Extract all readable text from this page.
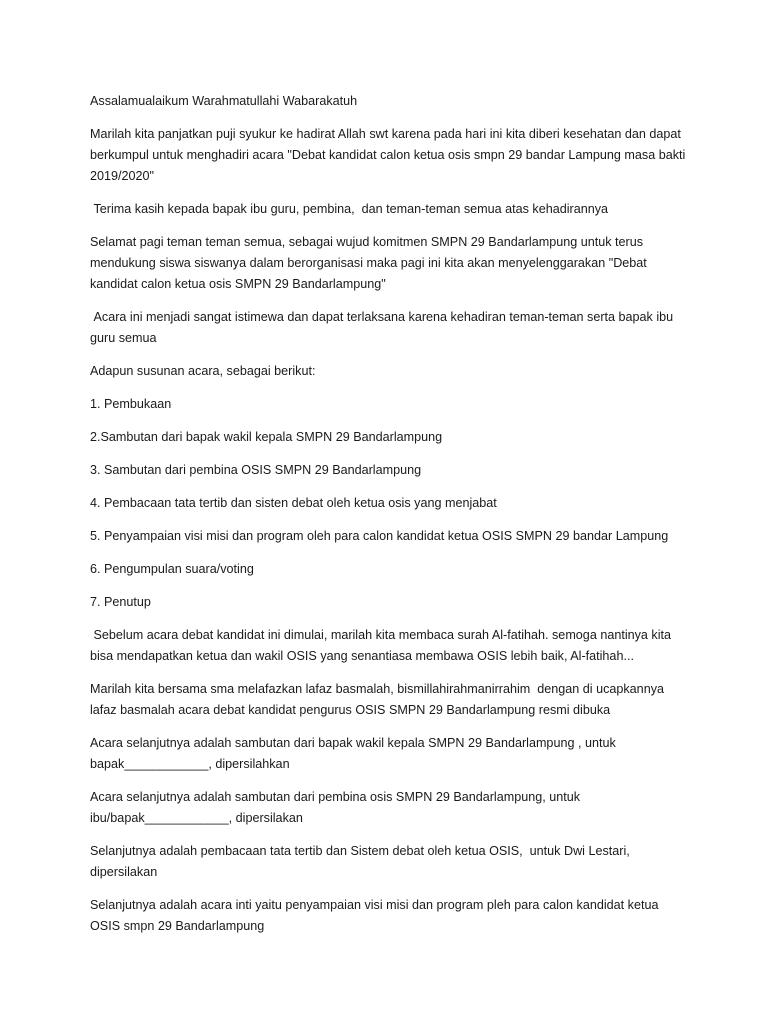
Assalamualaikum Warahmatullahi Wabarakatuh

Marilah kita panjatkan puji syukur ke hadirat Allah swt karena pada hari ini kita diberi kesehatan dan dapat berkumpul untuk menghadiri acara "Debat kandidat calon ketua osis smpn 29 bandar Lampung masa bakti 2019/2020"

Terima kasih kepada bapak ibu guru, pembina,  dan teman-teman semua atas kehadirannya

Selamat pagi teman teman semua, sebagai wujud komitmen SMPN 29 Bandarlampung untuk terus mendukung siswa siswanya dalam berorganisasi maka pagi ini kita akan menyelenggarakan "Debat kandidat calon ketua osis SMPN 29 Bandarlampung"

Acara ini menjadi sangat istimewa dan dapat terlaksana karena kehadiran teman-teman serta bapak ibu guru semua

Adapun susunan acara, sebagai berikut:

1. Pembukaan

2.Sambutan dari bapak wakil kepala SMPN 29 Bandarlampung

3. Sambutan dari pembina OSIS SMPN 29 Bandarlampung

4. Pembacaan tata tertib dan sisten debat oleh ketua osis yang menjabat

5. Penyampaian visi misi dan program oleh para calon kandidat ketua OSIS SMPN 29 bandar Lampung

6. Pengumpulan suara/voting

7. Penutup

Sebelum acara debat kandidat ini dimulai, marilah kita membaca surah Al-fatihah. semoga nantinya kita bisa mendapatkan ketua dan wakil OSIS yang senantiasa membawa OSIS lebih baik, Al-fatihah...

Marilah kita bersama sma melafazkan lafaz basmalah, bismillahirahmanirrahim  dengan di ucapkannya lafaz basmalah acara debat kandidat pengurus OSIS SMPN 29 Bandarlampung resmi dibuka

Acara selanjutnya adalah sambutan dari bapak wakil kepala SMPN 29 Bandarlampung , untuk bapak____________, dipersilahkan

Acara selanjutnya adalah sambutan dari pembina osis SMPN 29 Bandarlampung, untuk ibu/bapak____________, dipersilakan

Selanjutnya adalah pembacaan tata tertib dan Sistem debat oleh ketua OSIS,  untuk Dwi Lestari, dipersilakan

Selanjutnya adalah acara inti yaitu penyampaian visi misi dan program pleh para calon kandidat ketua OSIS smpn 29 Bandarlampung
